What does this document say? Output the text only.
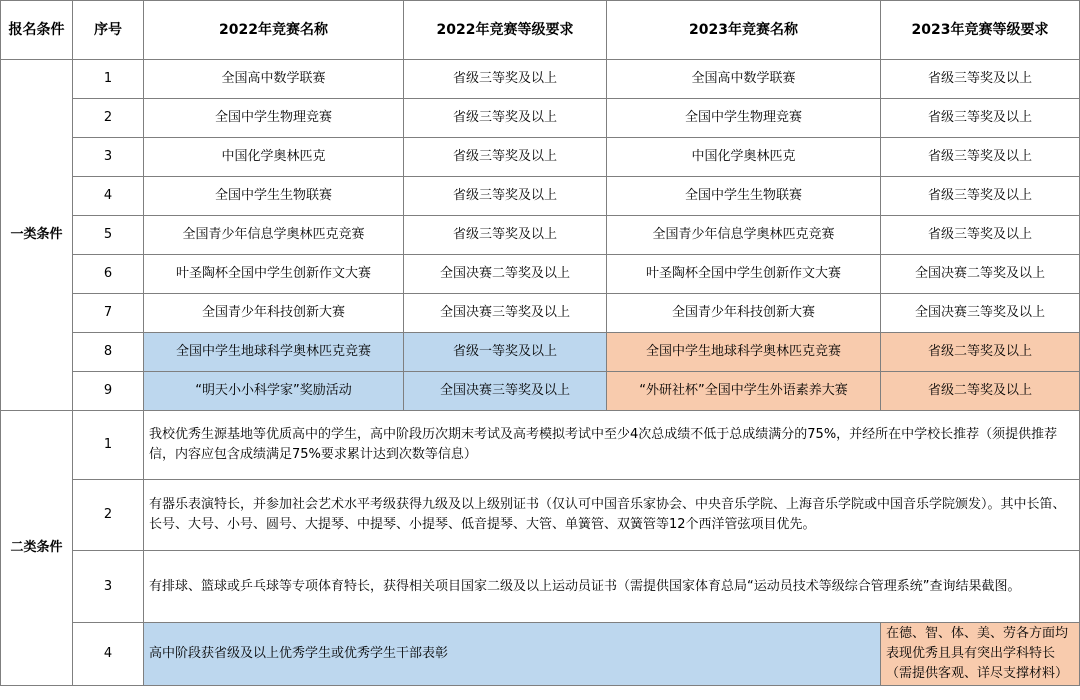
报名条件	序号	2022年竞赛名称	2022年竞赛等级要求	2023年竞赛名称	2023年竞赛等级要求
一类条件	1	全国高中数学联赛	省级三等奖及以上	全国高中数学联赛	省级三等奖及以上
	2	全国中学生物理竞赛	省级三等奖及以上	全国中学生物理竞赛	省级三等奖及以上
	3	中国化学奥林匹克	省级三等奖及以上	中国化学奥林匹克	省级三等奖及以上
	4	全国中学生生物联赛	省级三等奖及以上	全国中学生生物联赛	省级三等奖及以上
	5	全国青少年信息学奥林匹克竞赛	省级三等奖及以上	全国青少年信息学奥林匹克竞赛	省级三等奖及以上
	6	叶圣陶杯全国中学生创新作文大赛	全国决赛二等奖及以上	叶圣陶杯全国中学生创新作文大赛	全国决赛二等奖及以上
	7	全国青少年科技创新大赛	全国决赛三等奖及以上	全国青少年科技创新大赛	全国决赛三等奖及以上
	8	全国中学生地球科学奥林匹克竞赛	省级一等奖及以上	全国中学生地球科学奥林匹克竞赛	省级二等奖及以上
	9	“明天小小科学家”奖励活动	全国决赛三等奖及以上	“外研社杯”全国中学生外语素养大赛	省级二等奖及以上
二类条件	1	我校优秀生源基地等优质高中的学生，高中阶段历次期末考试及高考模拟考试中至少4次总成绩不低于总成绩满分的75%，并经所在中学校长推荐（须提供推荐信，内容应包含成绩满足75%要求累计达到次数等信息）			
	2	有器乐表演特长，并参加社会艺术水平考级获得九级及以上级别证书（仅认可中国音乐家协会、中央音乐学院、上海音乐学院或中国音乐学院颁发）。其中长笛、长号、大号、小号、圆号、大提琴、中提琴、小提琴、低音提琴、大管、单簧管、双簧管等12个西洋管弦项目优先。			
	3	有排球、篮球或乒乓球等专项体育特长，获得相关项目国家二级及以上运动员证书（需提供国家体育总局“运动员技术等级综合管理系统”查询结果截图。			
	4	高中阶段获省级及以上优秀学生或优秀学生干部表彰			在德、智、体、美、劳各方面均表现优秀且具有突出学科特长（需提供客观、详尽支撑材料）
